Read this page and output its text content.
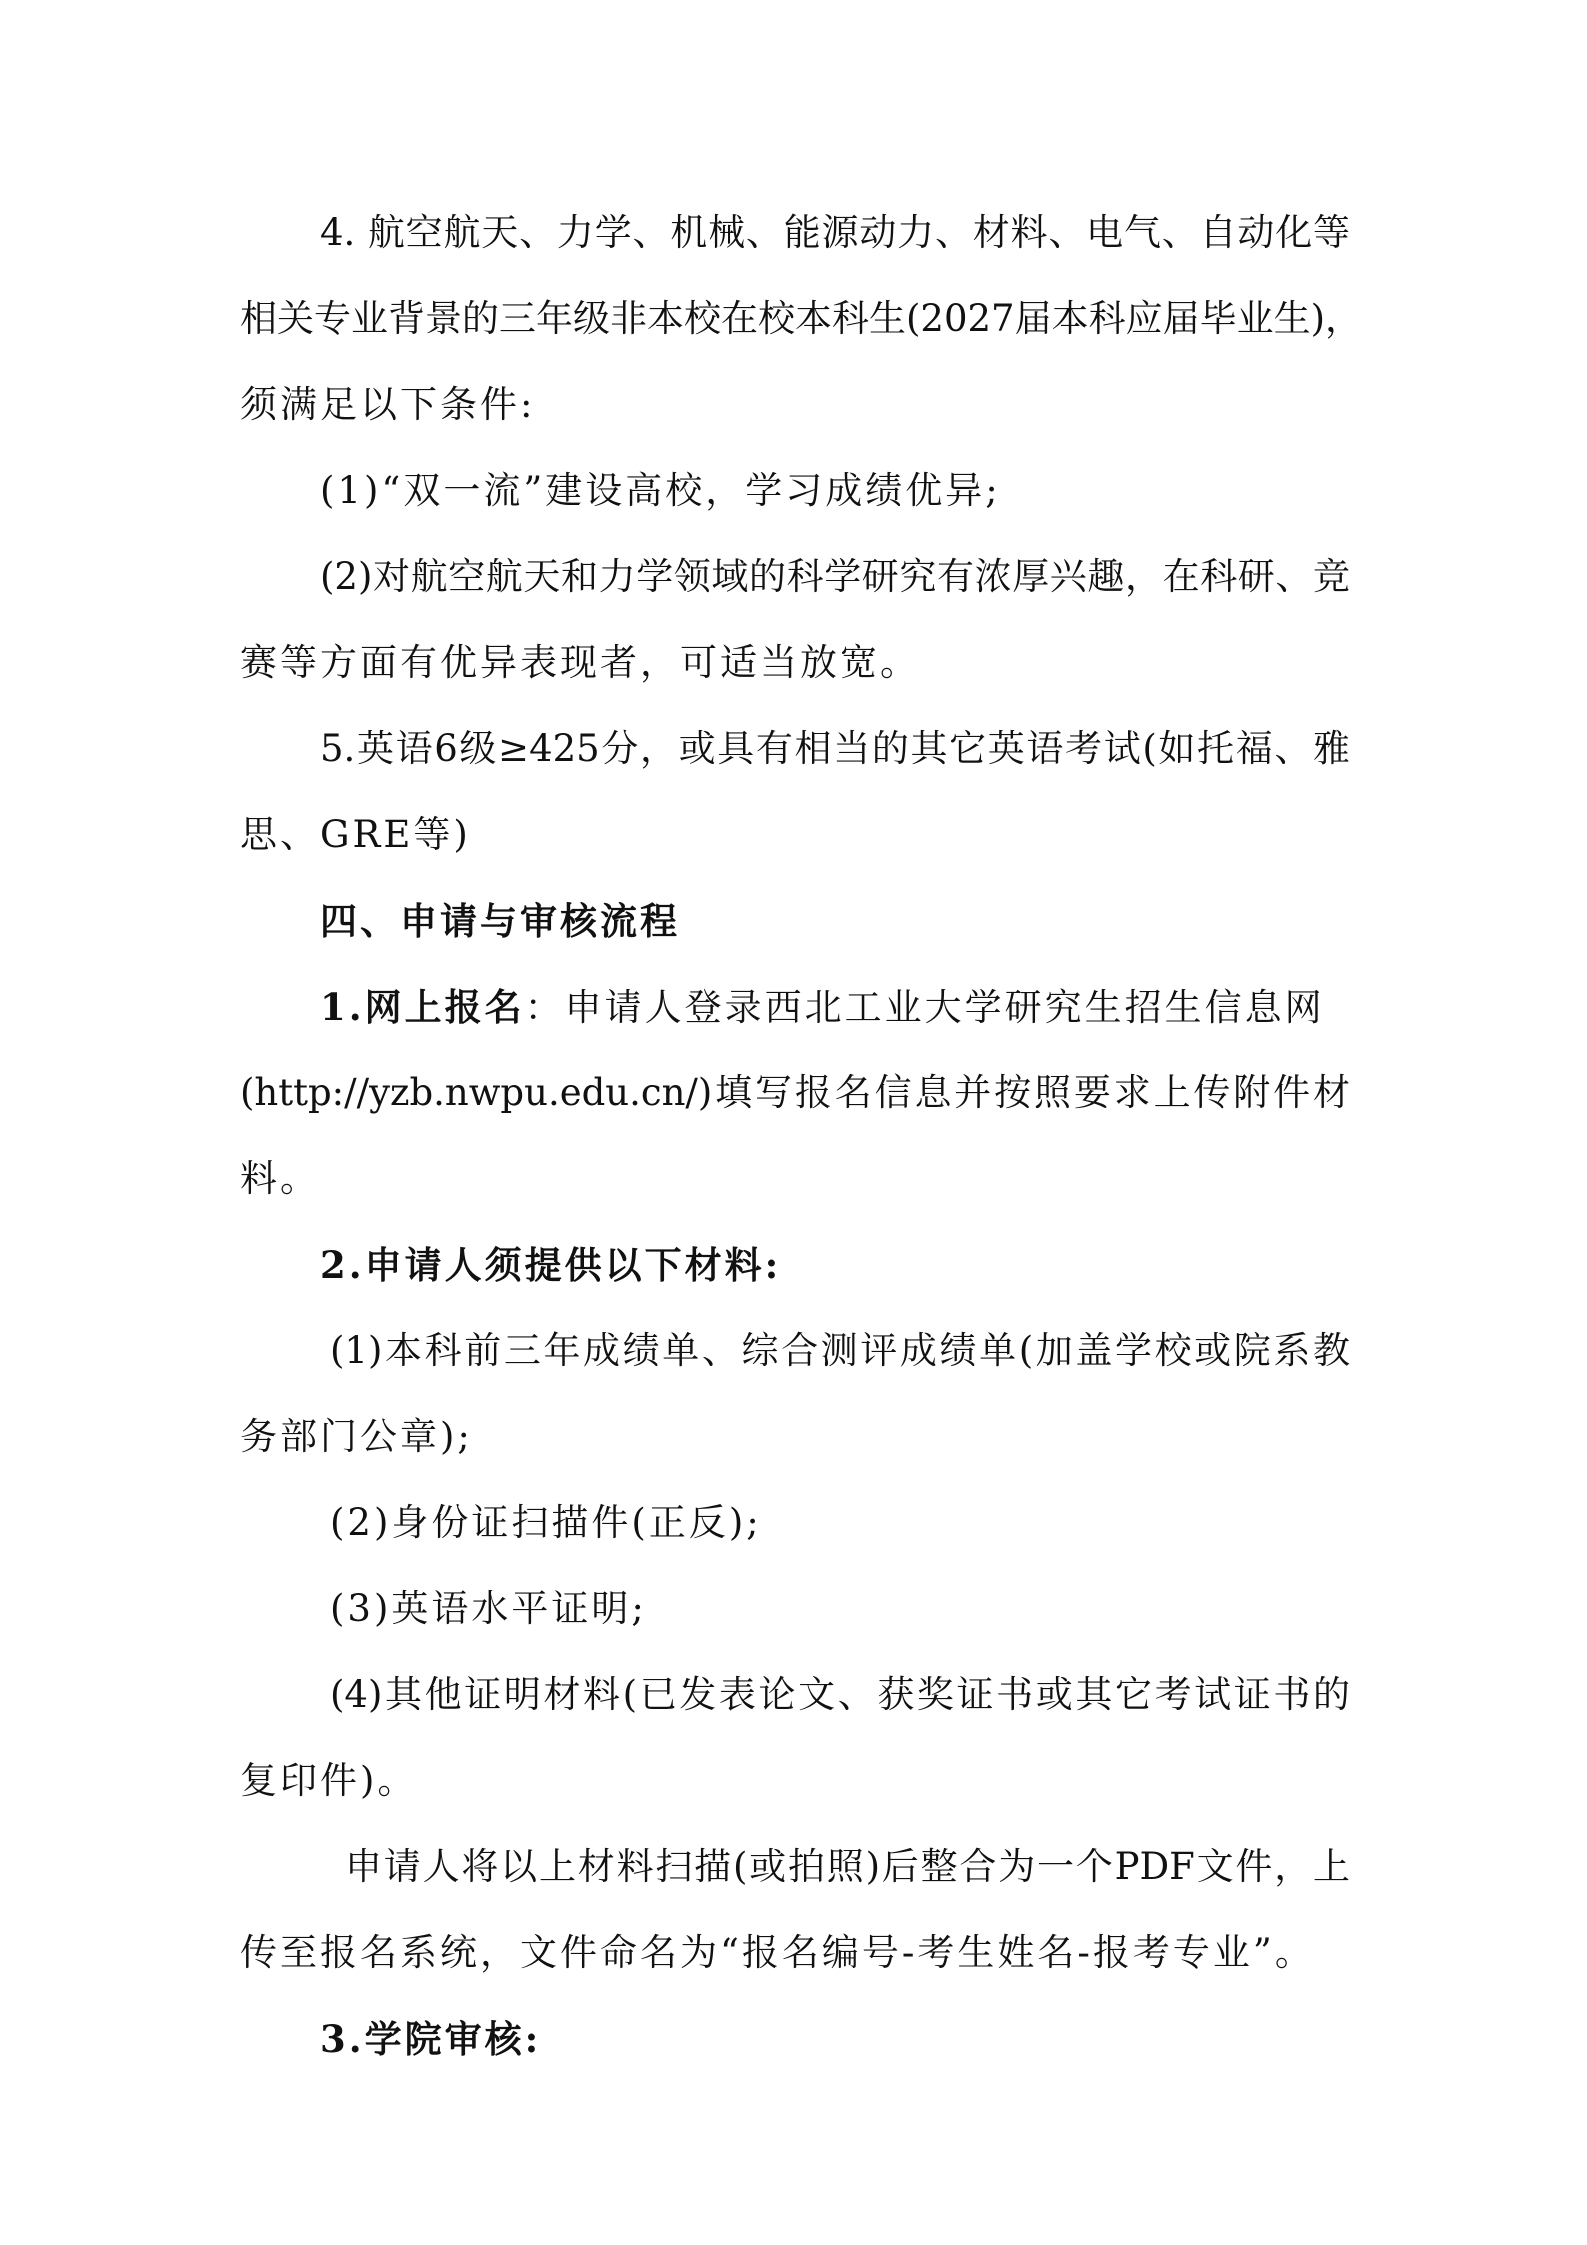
4. 航空航天、力学、机械、能源动力、材料、电气、自动化等
相关专业背景的三年级非本校在校本科生(2027届本科应届毕业生)，
须满足以下条件:
(1)“双一流”建设高校，学习成绩优异;
(2)对航空航天和力学领域的科学研究有浓厚兴趣，在科研、竞
赛等方面有优异表现者，可适当放宽。
5.英语6级≥425分，或具有相当的其它英语考试(如托福、雅
思、GRE等)
四、申请与审核流程
1.网上报名：申请人登录西北工业大学研究生招生信息网
(http://yzb.nwpu.edu.cn/)填写报名信息并按照要求上传附件材
料。
2.申请人须提供以下材料:
(1)本科前三年成绩单、综合测评成绩单(加盖学校或院系教
务部门公章);
(2)身份证扫描件(正反);
(3)英语水平证明;
(4)其他证明材料(已发表论文、获奖证书或其它考试证书的
复印件)。
申请人将以上材料扫描(或拍照)后整合为一个PDF文件，上
传至报名系统，文件命名为“报名编号-考生姓名-报考专业”。
3.学院审核:
